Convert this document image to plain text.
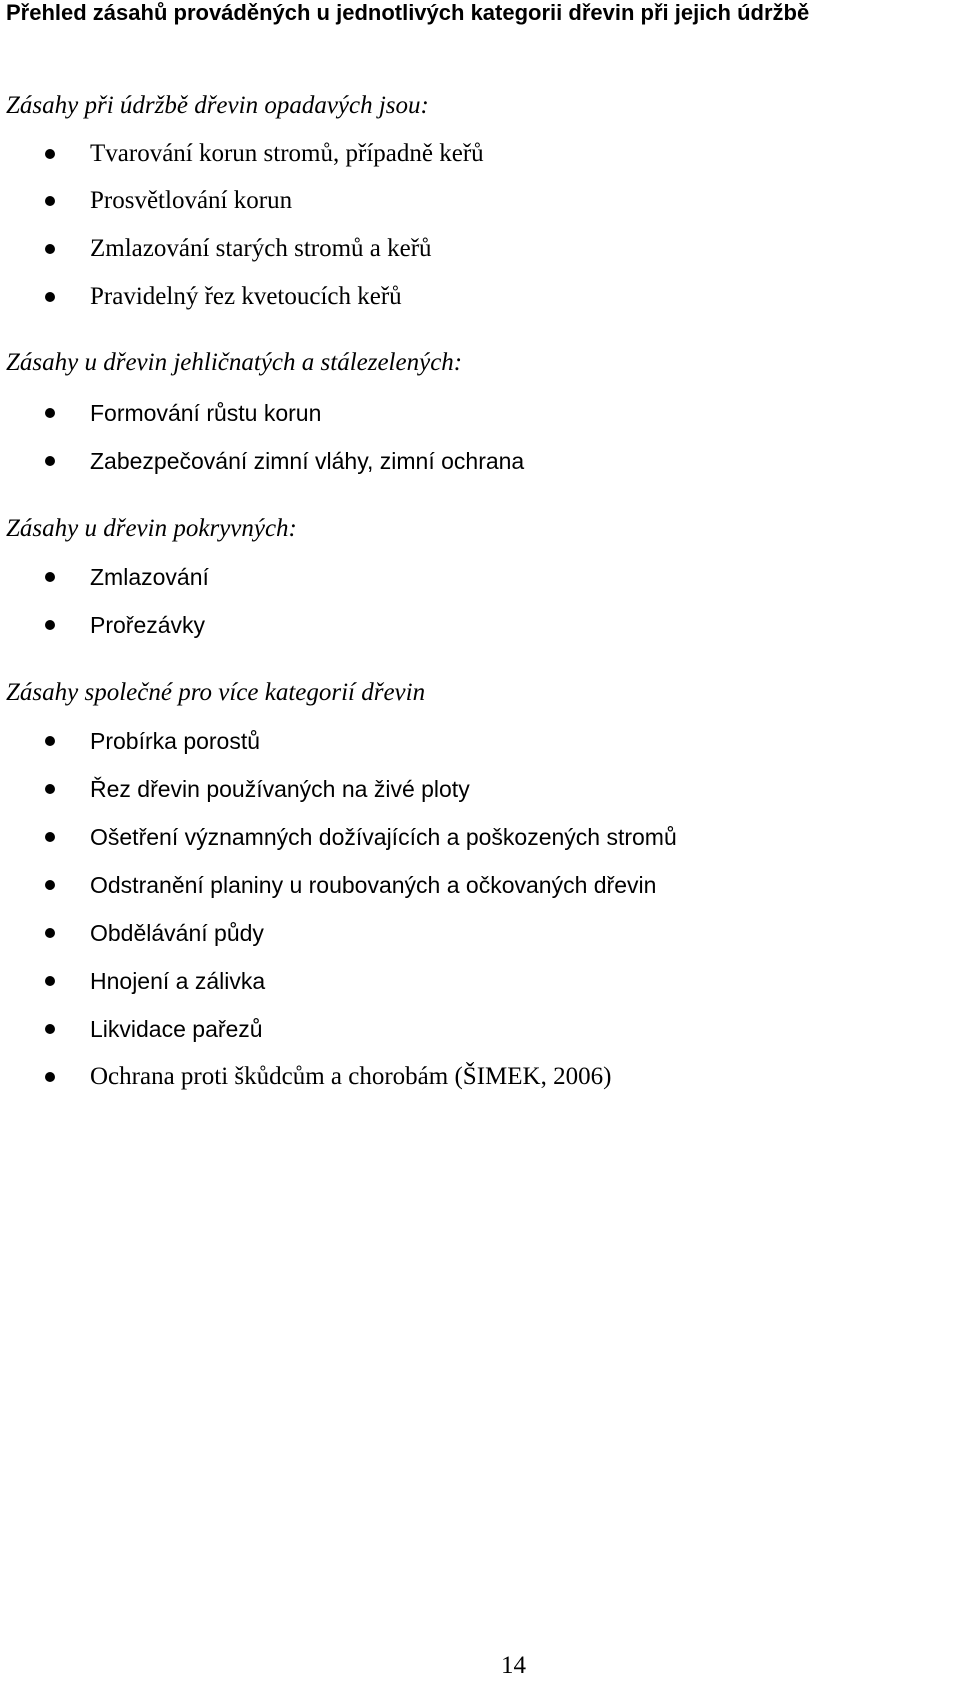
Přehled zásahů prováděných u jednotlivých kategorii dřevin při jejich údržbě
Zásahy při údržbě dřevin opadavých jsou:
Tvarování korun stromů, případně keřů
Prosvětlování korun
Zmlazování starých stromů a keřů
Pravidelný řez kvetoucích keřů
Zásahy u dřevin jehličnatých a stálezelených:
Formování růstu korun
Zabezpečování zimní vláhy, zimní ochrana
Zásahy u dřevin pokryvných:
Zmlazování
Prořezávky
Zásahy společné pro více kategorií dřevin
Probírka porostů
Řez dřevin používaných na živé ploty
Ošetření významných dožívajících a poškozených stromů
Odstranění planiny u roubovaných a očkovaných dřevin
Obdělávání půdy
Hnojení a zálivka
Likvidace pařezů
Ochrana proti škůdcům a chorobám (ŠIMEK, 2006)
14
